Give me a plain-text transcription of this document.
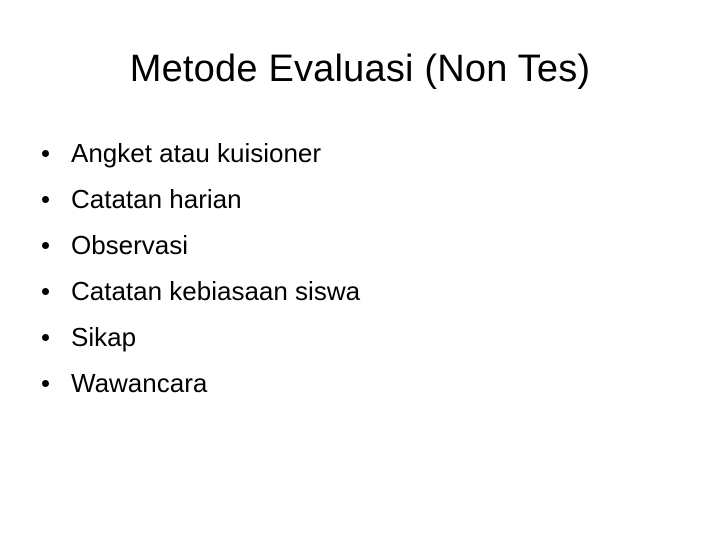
Metode Evaluasi (Non Tes)
Angket atau kuisioner
Catatan harian
Observasi
Catatan kebiasaan siswa
Sikap
Wawancara
